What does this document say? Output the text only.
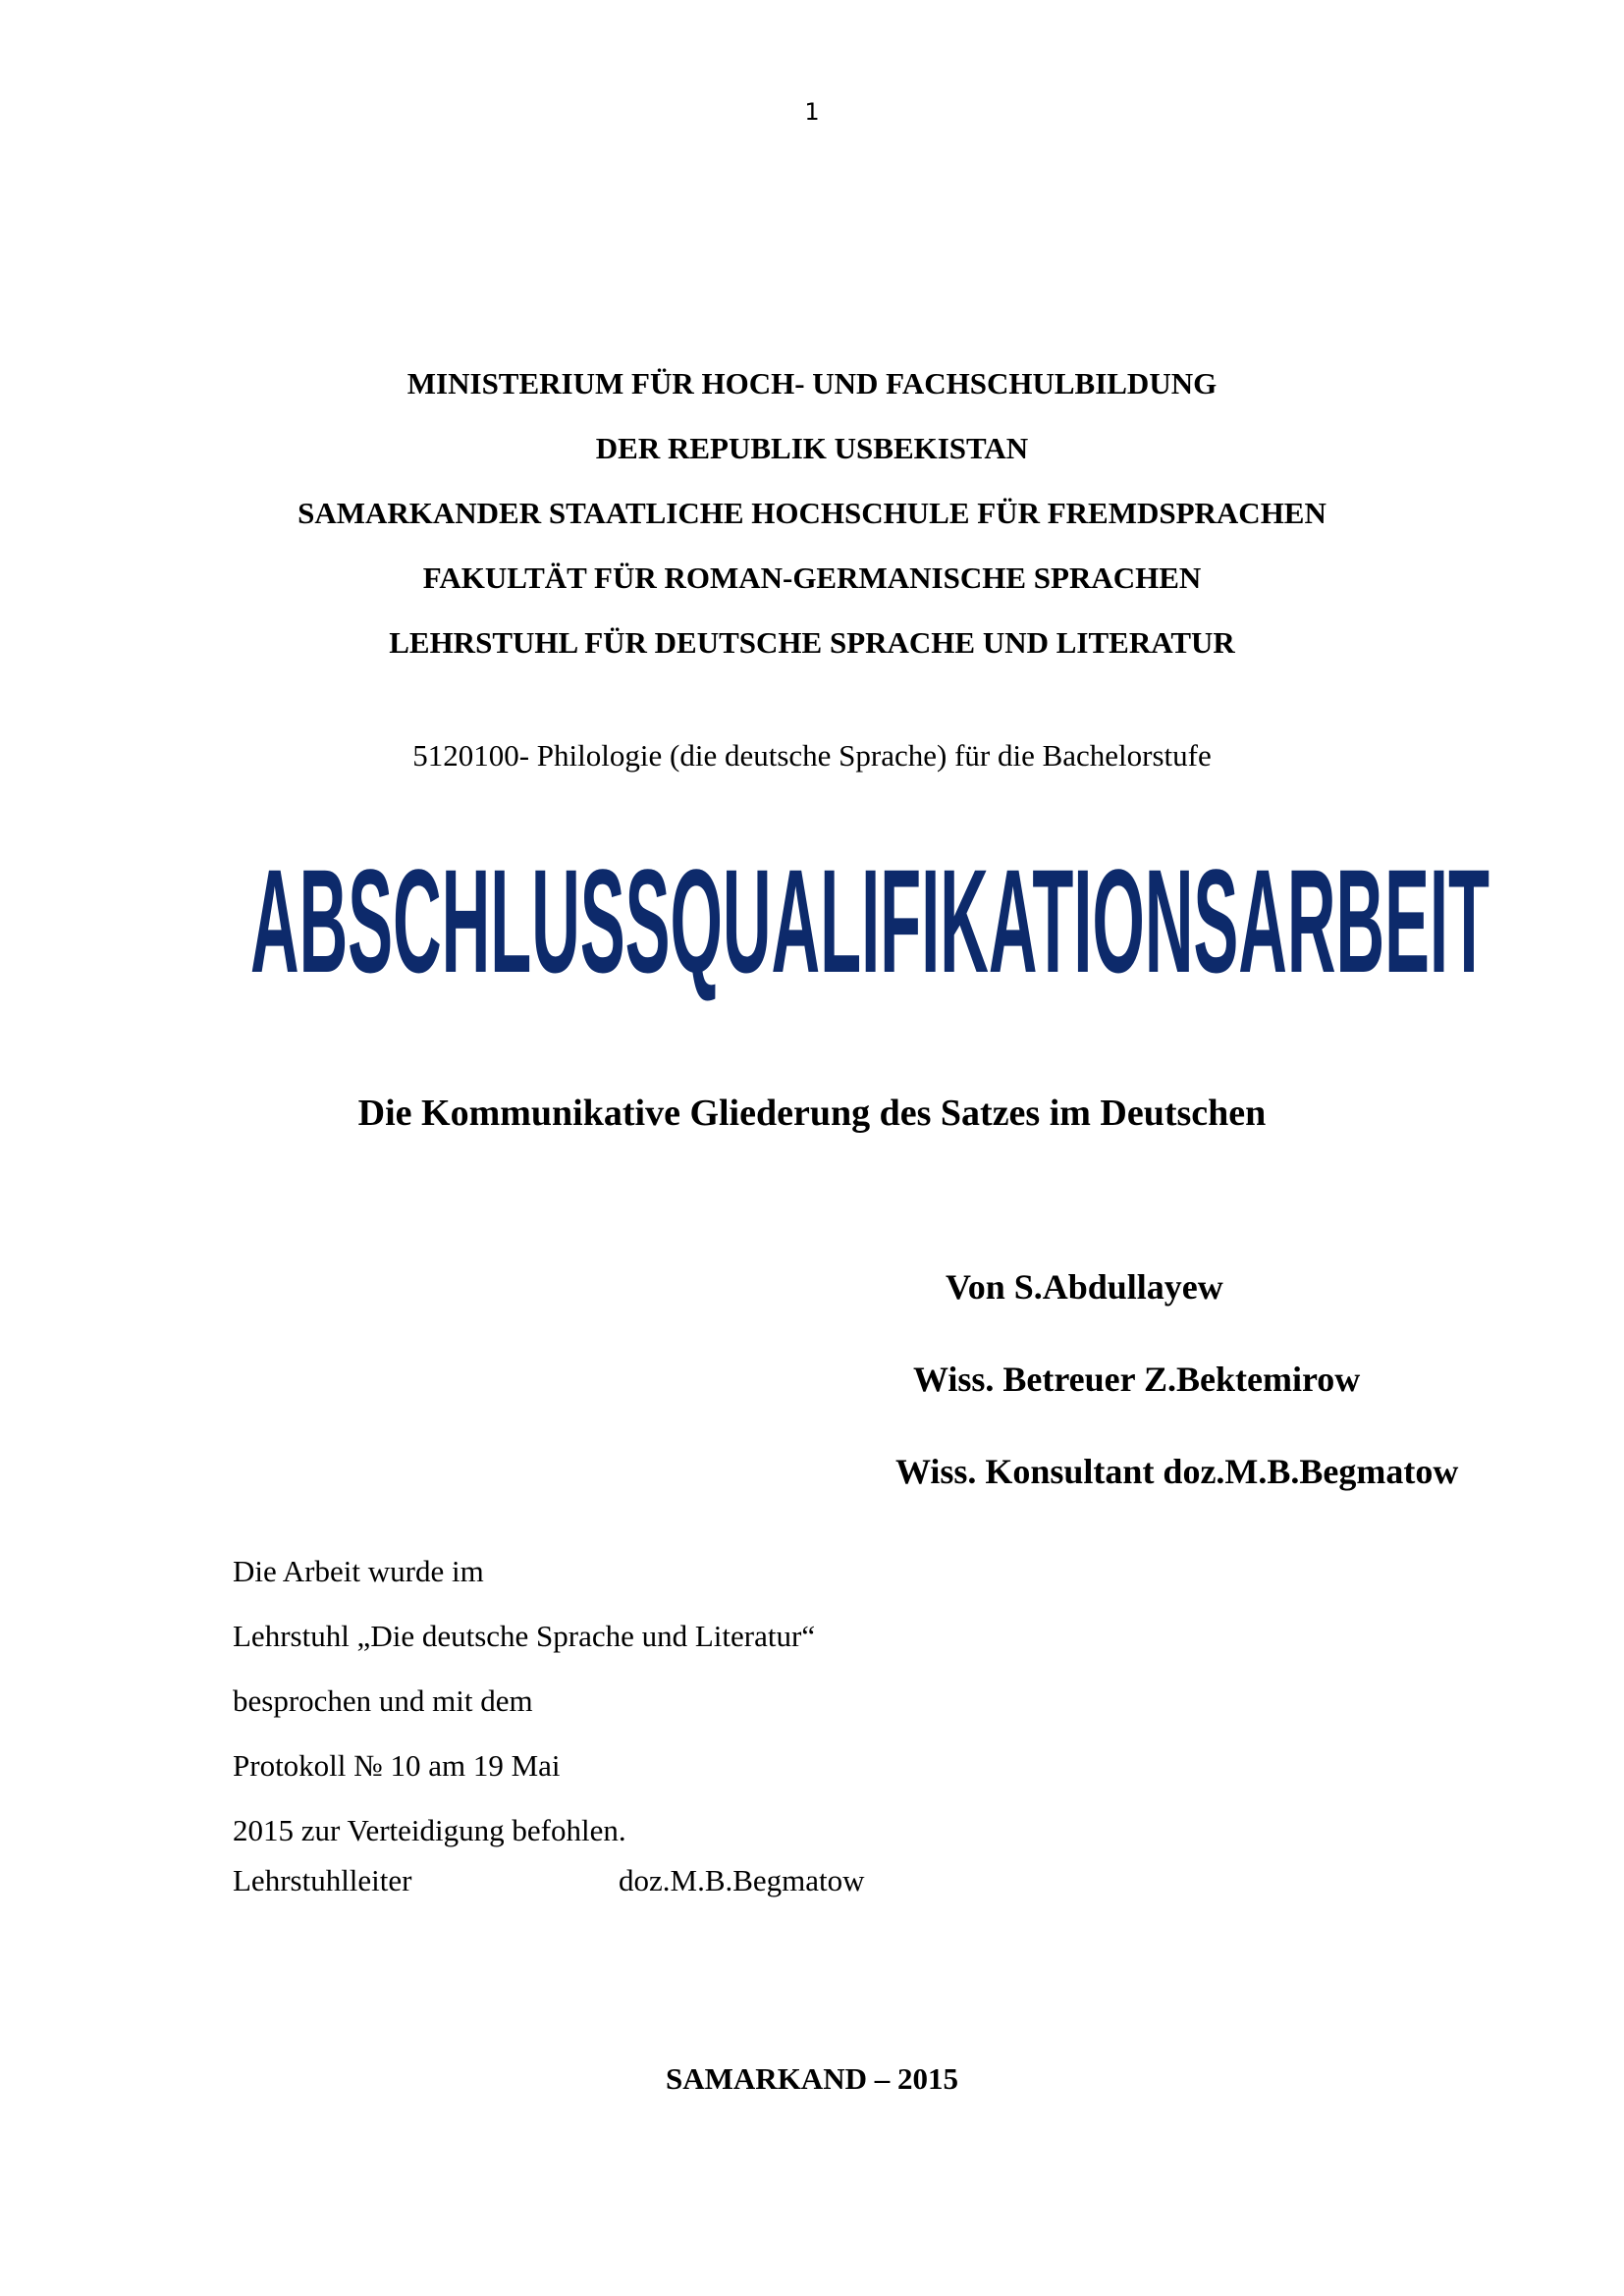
1
MINISTERIUM FÜR HOCH- UND FACHSCHULBILDUNG
DER REPUBLIK USBEKISTAN
SAMARKANDER STAATLICHE HOCHSCHULE FÜR FREMDSPRACHEN
FAKULTÄT FÜR ROMAN-GERMANISCHE SPRACHEN
LEHRSTUHL FÜR DEUTSCHE SPRACHE UND LITERATUR
5120100- Philologie (die deutsche Sprache) für die Bachelorstufe
ABSCHLUSSQUALIFIKATIONSARBEIT
Die Kommunikative Gliederung des Satzes im Deutschen
Von S.Abdullayew
Wiss. Betreuer Z.Bektemirow
Wiss. Konsultant doz.M.B.Begmatow
Die Arbeit wurde im
Lehrstuhl „Die deutsche Sprache und Literatur“
besprochen und mit dem
Protokoll № 10 am 19 Mai
2015 zur Verteidigung befohlen.
Lehrstuhlleiter	doz.M.B.Begmatow
SAMARKAND – 2015
